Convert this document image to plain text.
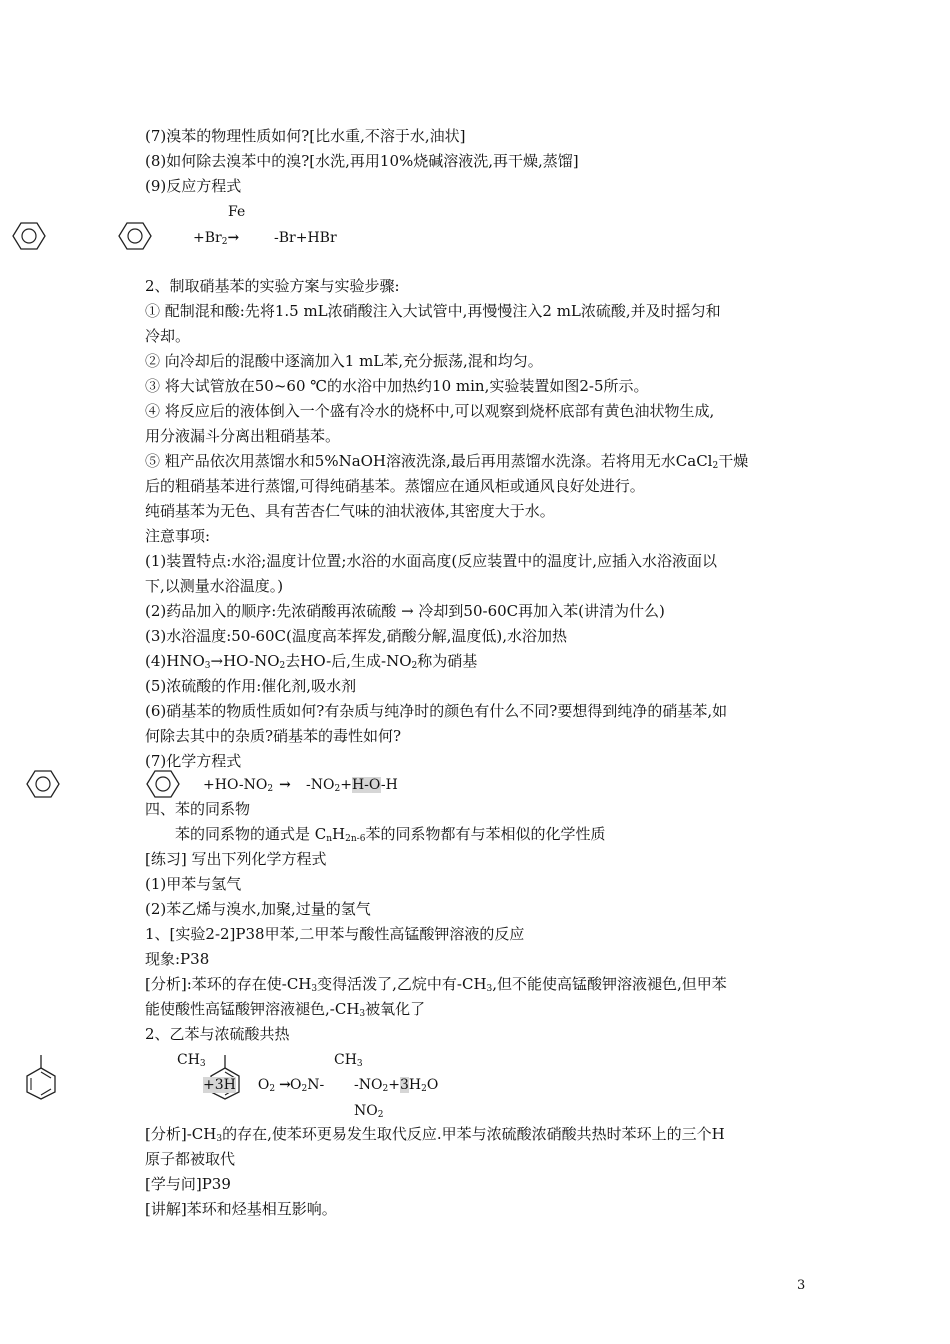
(7)溴苯的物理性质如何?[比水重,不溶于水,油状]
(8)如何除去溴苯中的溴?[水洗,再用10%烧碱溶液洗,再干燥,蒸馏]
(9)反应方程式
Fe
$+Br_2\to -Br+HBr$
2、制取硝基苯的实验方案与实验步骤:
① 配制混和酸:先将1.5 mL浓硝酸注入大试管中,再慢慢注入2 mL浓硫酸,并及时摇匀和
冷却。
② 向冷却后的混酸中逐滴加入1 mL苯,充分振荡,混和均匀。
③ 将大试管放在50~60 ℃的水浴中加热约10 min,实验装置如图2-5所示。
④ 将反应后的液体倒入一个盛有冷水的烧杯中,可以观察到烧杯底部有黄色油状物生成,
用分液漏斗分离出粗硝基苯。
⑤ 粗产品依次用蒸馏水和5%NaOH溶液洗涤,最后再用蒸馏水洗涤。若将用无水CaCl$_2$干燥
后的粗硝基苯进行蒸馏,可得纯硝基苯。蒸馏应在通风柜或通风良好处进行。
纯硝基苯为无色、具有苦杏仁气味的油状液体,其密度大于水。
注意事项:
(1)装置特点:水浴;温度计位置;水浴的水面高度(反应装置中的温度计,应插入水浴液面以
下,以测量水浴温度。)
(2)药品加入的顺序:先浓硝酸再浓硫酸 → 冷却到50-60C再加入苯(讲清为什么)
(3)水浴温度:50-60C(温度高苯挥发,硝酸分解,温度低),水浴加热
$(4)HNO_3\to HO-NO_2$去HO-后,生成$-NO_2$称为硝基
(5)浓硫酸的作用:催化剂,吸水剂
(6)硝基苯的物质性质如何?有杂质与纯净时的颜色有什么不同?要想得到纯净的硝基苯,如
何除去其中的杂质?硝基苯的毒性如何?
(7)化学方程式
$+HO-NO_2 \to -NO_2+H-O-H$
四、苯的同系物
苯的同系物的通式是 $C_nH_{2n-6}$苯的同系物都有与苯相似的化学性质
[练习] 写出下列化学方程式
(1)甲苯与氢气
(2)苯乙烯与溴水,加聚,过量的氢气
1、[实验2-2]P38甲苯,二甲苯与酸性高锰酸钾溶液的反应
现象:P38
[分析]:苯环的存在使$-CH_3$变得活泼了,乙烷中有$-CH_3$,但不能使高锰酸钾溶液褪色,但甲苯
能使酸性高锰酸钾溶液褪色$,-CH_3$被氧化了
2、乙苯与浓硫酸共热
$CH_3$	$CH_3$
+3H $O_2 \to O_2N-$ $-NO_2+3H_2O$
$NO_2$
[分析]$-CH_3$的存在,使苯环更易发生取代反应.甲苯与浓硫酸浓硝酸共热时苯环上的三个H
原子都被取代
[学与问]P39
[讲解]苯环和烃基相互影响。
3
